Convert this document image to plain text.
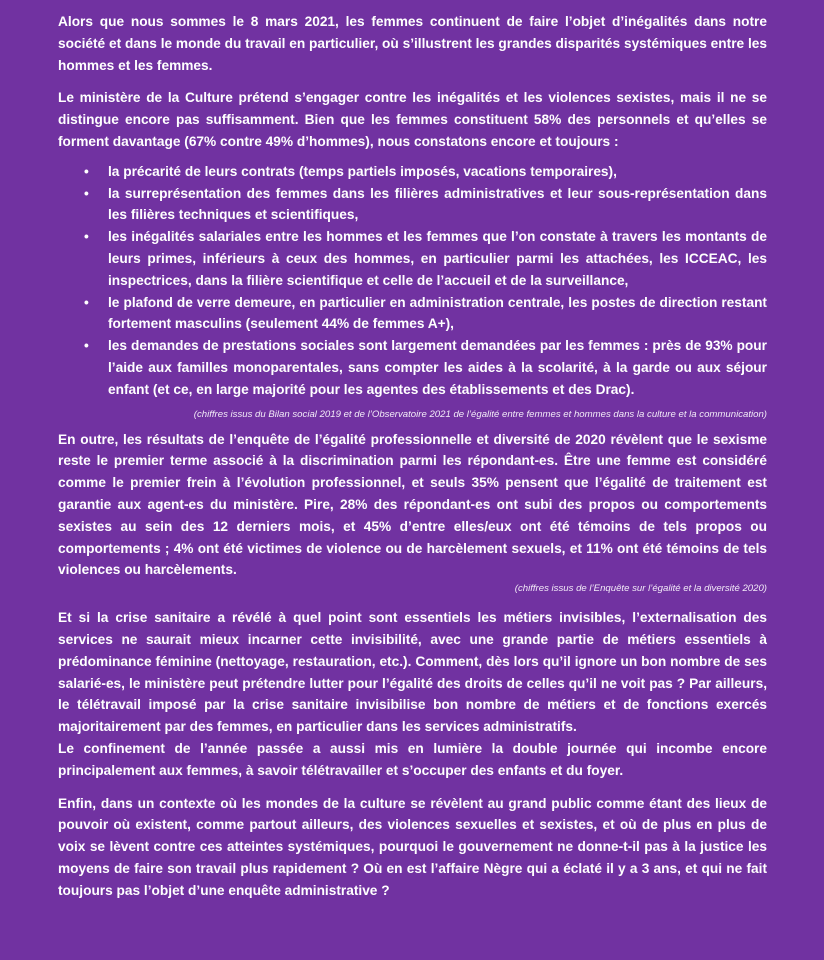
Alors que nous sommes le 8 mars 2021, les femmes continuent de faire l’objet d’inégalités dans notre société et dans le monde du travail en particulier, où s’illustrent les grandes disparités systémiques entre les hommes et les femmes.

Le ministère de la Culture prétend s’engager contre les inégalités et les violences sexistes, mais il ne se distingue encore pas suffisamment. Bien que les femmes constituent 58% des personnels et qu’elles se forment davantage (67% contre 49% d’hommes), nous constatons encore et toujours :

• la précarité de leurs contrats (temps partiels imposés, vacations temporaires),
• la surreprésentation des femmes dans les filières administratives et leur sous-représentation dans les filières techniques et scientifiques,
• les inégalités salariales entre les hommes et les femmes que l’on constate à travers les montants de leurs primes, inférieurs à ceux des hommes, en particulier parmi les attachées, les ICCEAC, les inspectrices, dans la filière scientifique et celle de l’accueil et de la surveillance,
• le plafond de verre demeure, en particulier en administration centrale, les postes de direction restant fortement masculins (seulement 44% de femmes A+),
• les demandes de prestations sociales sont largement demandées par les femmes : près de 93% pour l’aide aux familles monoparentales, sans compter les aides à la scolarité, à la garde ou aux séjour enfant (et ce, en large majorité pour les agentes des établissements et des Drac).
(chiffres issus du Bilan social 2019 et de l’Observatoire 2021 de l’égalité entre femmes et hommes dans la culture et la communication)

En outre, les résultats de l’enquête de l’égalité professionnelle et diversité de 2020 révèlent que le sexisme reste le premier terme associé à la discrimination parmi les répondant-es. Être une femme est considéré comme le premier frein à l’évolution professionnel, et seuls 35% pensent que l’égalité de traitement est garantie aux agent-es du ministère. Pire, 28% des répondant-es ont subi des propos ou comportements sexistes au sein des 12 derniers mois, et 45% d’entre elles/eux ont été témoins de tels propos ou comportements ; 4% ont été victimes de violence ou de harcèlement sexuels, et 11% ont été témoins de tels violences ou harcèlements.

(chiffres issus de l’Enquête sur l’égalité et la diversité 2020)

Et si la crise sanitaire a révélé à quel point sont essentiels les métiers invisibles, l’externalisation des services ne saurait mieux incarner cette invisibilité, avec une grande partie de métiers essentiels à prédominance féminine (nettoyage, restauration, etc.). Comment, dès lors qu’il ignore un bon nombre de ses salarié-es, le ministère peut prétendre lutter pour l’égalité des droits de celles qu’il ne voit pas ? Par ailleurs, le télétravail imposé par la crise sanitaire invisibilise bon nombre de métiers et de fonctions exercés majoritairement par des femmes, en particulier dans les services administratifs.

Le confinement de l’année passée a aussi mis en lumière la double journée qui incombe encore principalement aux femmes, à savoir télétravailler et s’occuper des enfants et du foyer.

Enfin, dans un contexte où les mondes de la culture se révèlent au grand public comme étant des lieux de pouvoir où existent, comme partout ailleurs, des violences sexuelles et sexistes, et où de plus en plus de voix se lèvent contre ces atteintes systémiques, pourquoi le gouvernement ne donne-t-il pas à la justice les moyens de faire son travail plus rapidement ? Où en est l’affaire Nègre qui a éclaté il y a 3 ans, et qui ne fait toujours pas l’objet d’une enquête administrative ?
